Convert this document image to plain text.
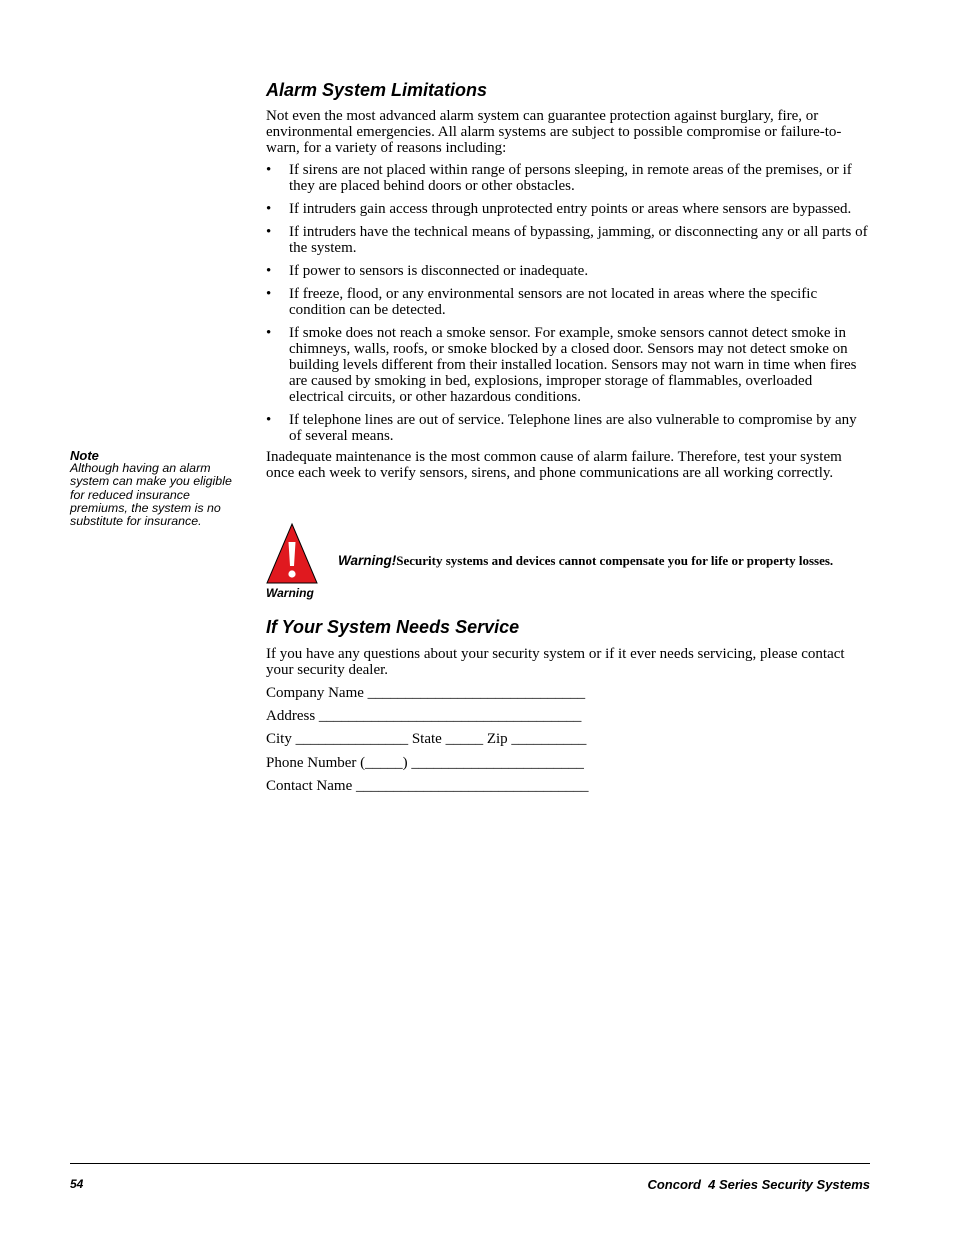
Alarm System Limitations

Not even the most advanced alarm system can guarantee protection against burglary, fire, or environmental emergencies. All alarm systems are subject to possible compromise or failure-to-warn, for a variety of reasons including:

• If sirens are not placed within range of persons sleeping, in remote areas of the premises, or if they are placed behind doors or other obstacles.
• If intruders gain access through unprotected entry points or areas where sensors are bypassed.
• If intruders have the technical means of bypassing, jamming, or disconnecting any or all parts of the system.
• If power to sensors is disconnected or inadequate.
• If freeze, flood, or any environmental sensors are not located in areas where the specific condition can be detected.
• If smoke does not reach a smoke sensor. For example, smoke sensors cannot detect smoke in chimneys, walls, roofs, or smoke blocked by a closed door. Sensors may not detect smoke on building levels different from their installed location. Sensors may not warn in time when fires are caused by smoking in bed, explosions, improper storage of flammables, overloaded electrical circuits, or other hazardous conditions.
• If telephone lines are out of service. Telephone lines are also vulnerable to compromise by any of several means.

Inadequate maintenance is the most common cause of alarm failure. Therefore, test your system once each week to verify sensors, sirens, and phone communications are all working correctly.

Note
Although having an alarm system can make you eligible for reduced insurance premiums, the system is no substitute for insurance.
Warning
Warning!Security systems and devices cannot compensate you for life or property losses.
If Your System Needs Service

If you have any questions about your security system or if it ever needs servicing, please contact your security dealer.

Company Name _____________________________
Address ___________________________________
City _______________ State _____ Zip __________
Phone Number (_____) _______________________
Contact Name _______________________________
54	Concord  4 Series Security Systems
